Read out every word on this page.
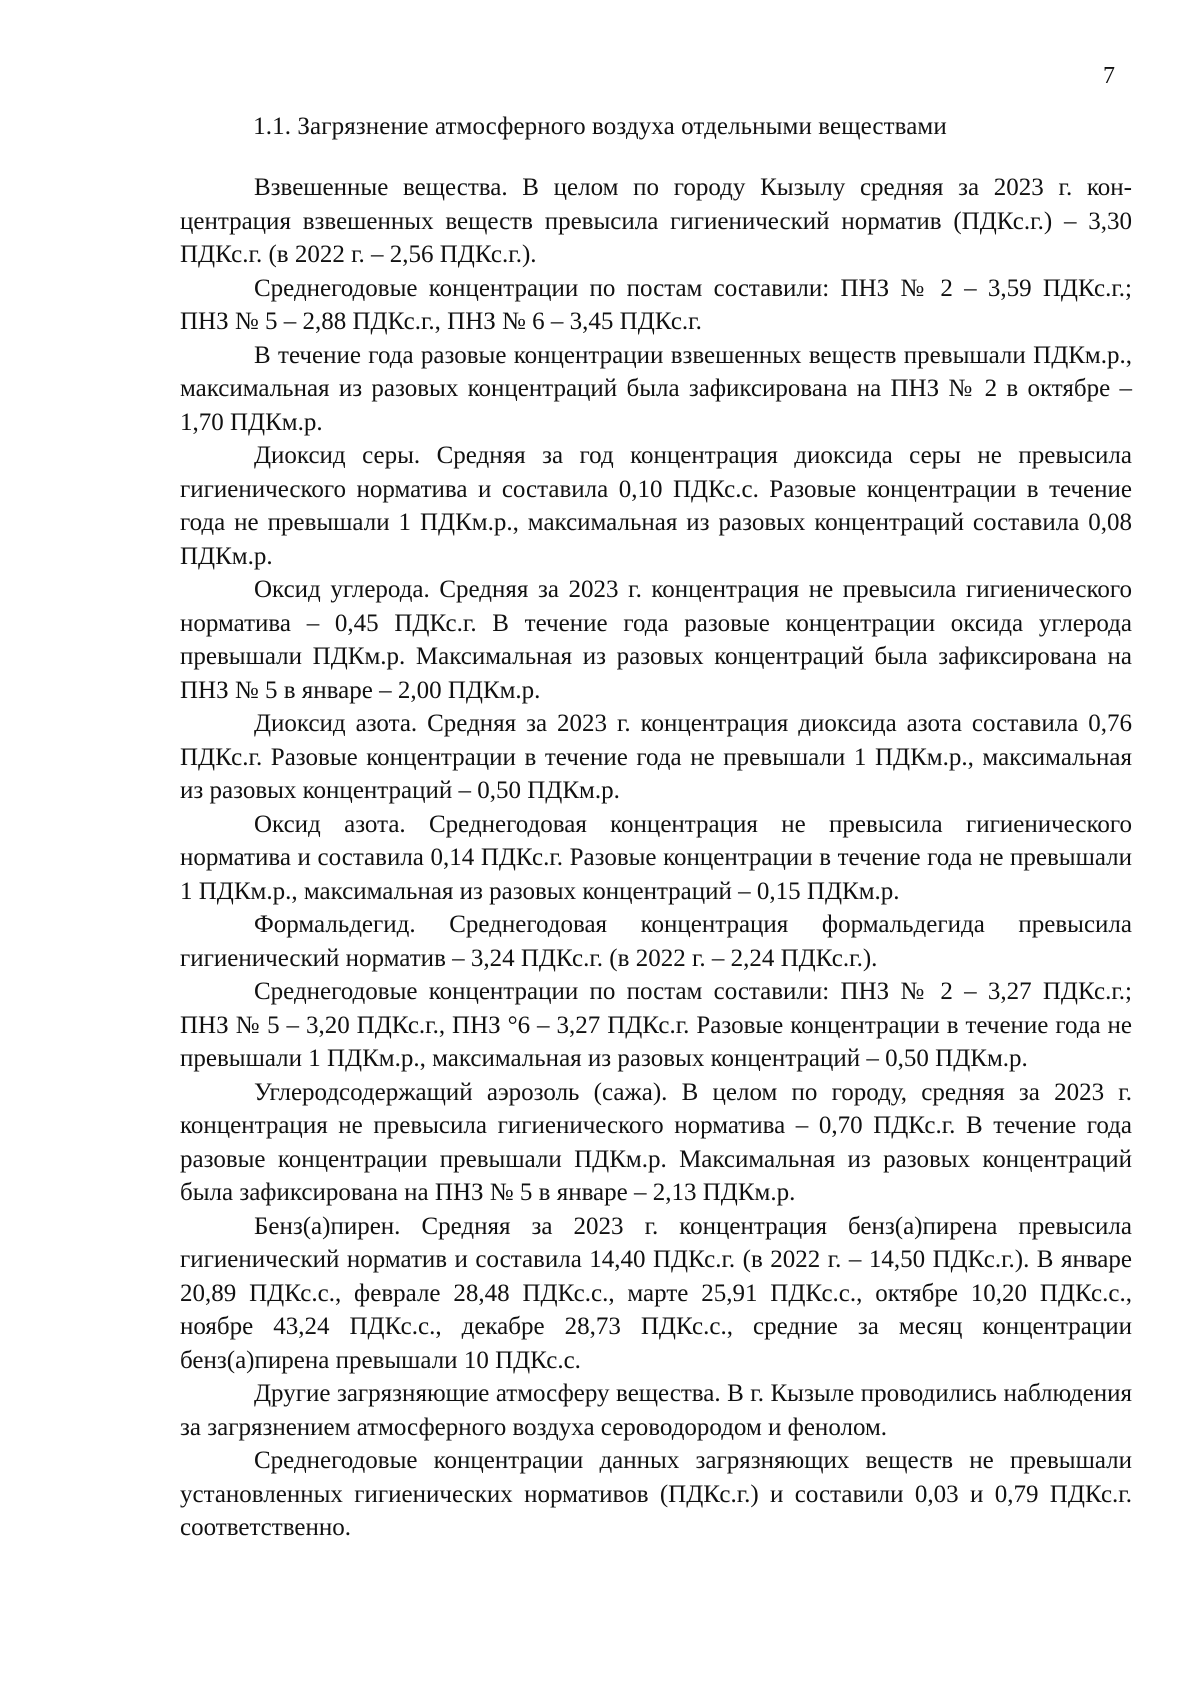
7
1.1. Загрязнение атмосферного воздуха отдельными веществами

Взвешенные вещества. В целом по городу Кызылу средняя за 2023 г. концентрация взвешенных веществ превысила гигиенический норматив (ПДКс.г.) – 3,30 ПДКс.г. (в 2022 г. – 2,56 ПДКс.г.).

Среднегодовые концентрации по постам составили: ПНЗ № 2 – 3,59 ПДКс.г.; ПНЗ № 5 – 2,88 ПДКс.г., ПНЗ № 6 – 3,45 ПДКс.г.

В течение года разовые концентрации взвешенных веществ превышали ПДКм.р., максимальная из разовых концентраций была зафиксирована на ПНЗ № 2 в октябре – 1,70 ПДКм.р.

Диоксид серы. Средняя за год концентрация диоксида серы не превысила гигиенического норматива и составила 0,10 ПДКс.с. Разовые концентрации в течение года не превышали 1 ПДКм.р., максимальная из разовых концентраций составила 0,08 ПДКм.р.

Оксид углерода. Средняя за 2023 г. концентрация не превысила гигиенического норматива – 0,45 ПДКс.г. В течение года разовые концентрации оксида углерода превышали ПДКм.р. Максимальная из разовых концентраций была зафиксирована на ПНЗ № 5 в январе – 2,00 ПДКм.р.

Диоксид азота. Средняя за 2023 г. концентрация диоксида азота составила 0,76 ПДКс.г. Разовые концентрации в течение года не превышали 1 ПДКм.р., максимальная из разовых концентраций – 0,50 ПДКм.р.

Оксид азота. Среднегодовая концентрация не превысила гигиенического норматива и составила 0,14 ПДКс.г. Разовые концентрации в течение года не превышали 1 ПДКм.р., максимальная из разовых концентраций – 0,15 ПДКм.р.

Формальдегид. Среднегодовая концентрация формальдегида превысила гигиенический норматив – 3,24 ПДКс.г. (в 2022 г. – 2,24 ПДКс.г.).

Среднегодовые концентрации по постам составили: ПНЗ № 2 – 3,27 ПДКс.г.; ПНЗ № 5 – 3,20 ПДКс.г., ПНЗ °6 – 3,27 ПДКс.г. Разовые концентрации в течение года не превышали 1 ПДКм.р., максимальная из разовых концентраций – 0,50 ПДКм.р.

Углеродсодержащий аэрозоль (сажа). В целом по городу, средняя за 2023 г. концентрация не превысила гигиенического норматива – 0,70 ПДКс.г. В течение года разовые концентрации превышали ПДКм.р. Максимальная из разовых концентраций была зафиксирована на ПНЗ № 5 в январе – 2,13 ПДКм.р.

Бенз(а)пирен. Средняя за 2023 г. концентрация бенз(а)пирена превысила гигиенический норматив и составила 14,40 ПДКс.г. (в 2022 г. – 14,50 ПДКс.г.). В январе 20,89 ПДКс.с., феврале 28,48 ПДКс.с., марте 25,91 ПДКс.с., октябре 10,20 ПДКс.с., ноябре 43,24 ПДКс.с., декабре 28,73 ПДКс.с., средние за месяц концентрации бенз(а)пирена превышали 10 ПДКс.с.

Другие загрязняющие атмосферу вещества. В г. Кызыле проводились наблюдения за загрязнением атмосферного воздуха сероводородом и фенолом.

Среднегодовые концентрации данных загрязняющих веществ не превышали установленных гигиенических нормативов (ПДКс.г.) и составили 0,03 и 0,79 ПДКс.г. соответственно.
